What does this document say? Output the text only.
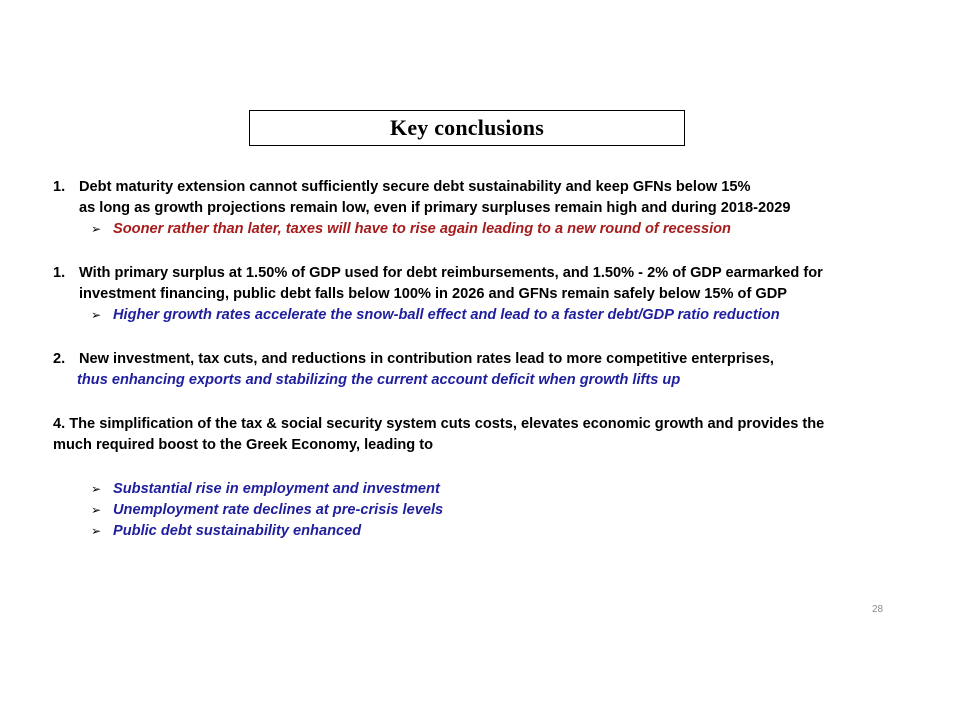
Key conclusions
1. Debt maturity extension cannot sufficiently secure debt sustainability and keep GFNs below 15%
as long as growth projections remain low, even if primary surpluses remain high and during 2018-2029
➢ Sooner rather than later, taxes will have to rise again leading to a new round of recession
1. With primary surplus at 1.50% of GDP used for debt reimbursements, and 1.50% - 2% of GDP earmarked for
investment financing, public debt falls below 100% in 2026 and GFNs remain safely below 15% of GDP
➢ Higher growth rates accelerate the snow-ball effect and lead to a faster debt/GDP ratio reduction
2. New investment, tax cuts, and reductions in contribution rates lead to more competitive enterprises,
thus enhancing exports and stabilizing the current account deficit when growth lifts up
4. The simplification of the tax & social security system cuts costs, elevates economic growth and provides the
much required boost to the Greek Economy, leading to
➢ Substantial rise in employment and investment
➢ Unemployment rate declines at pre-crisis levels
➢ Public debt sustainability enhanced
28
